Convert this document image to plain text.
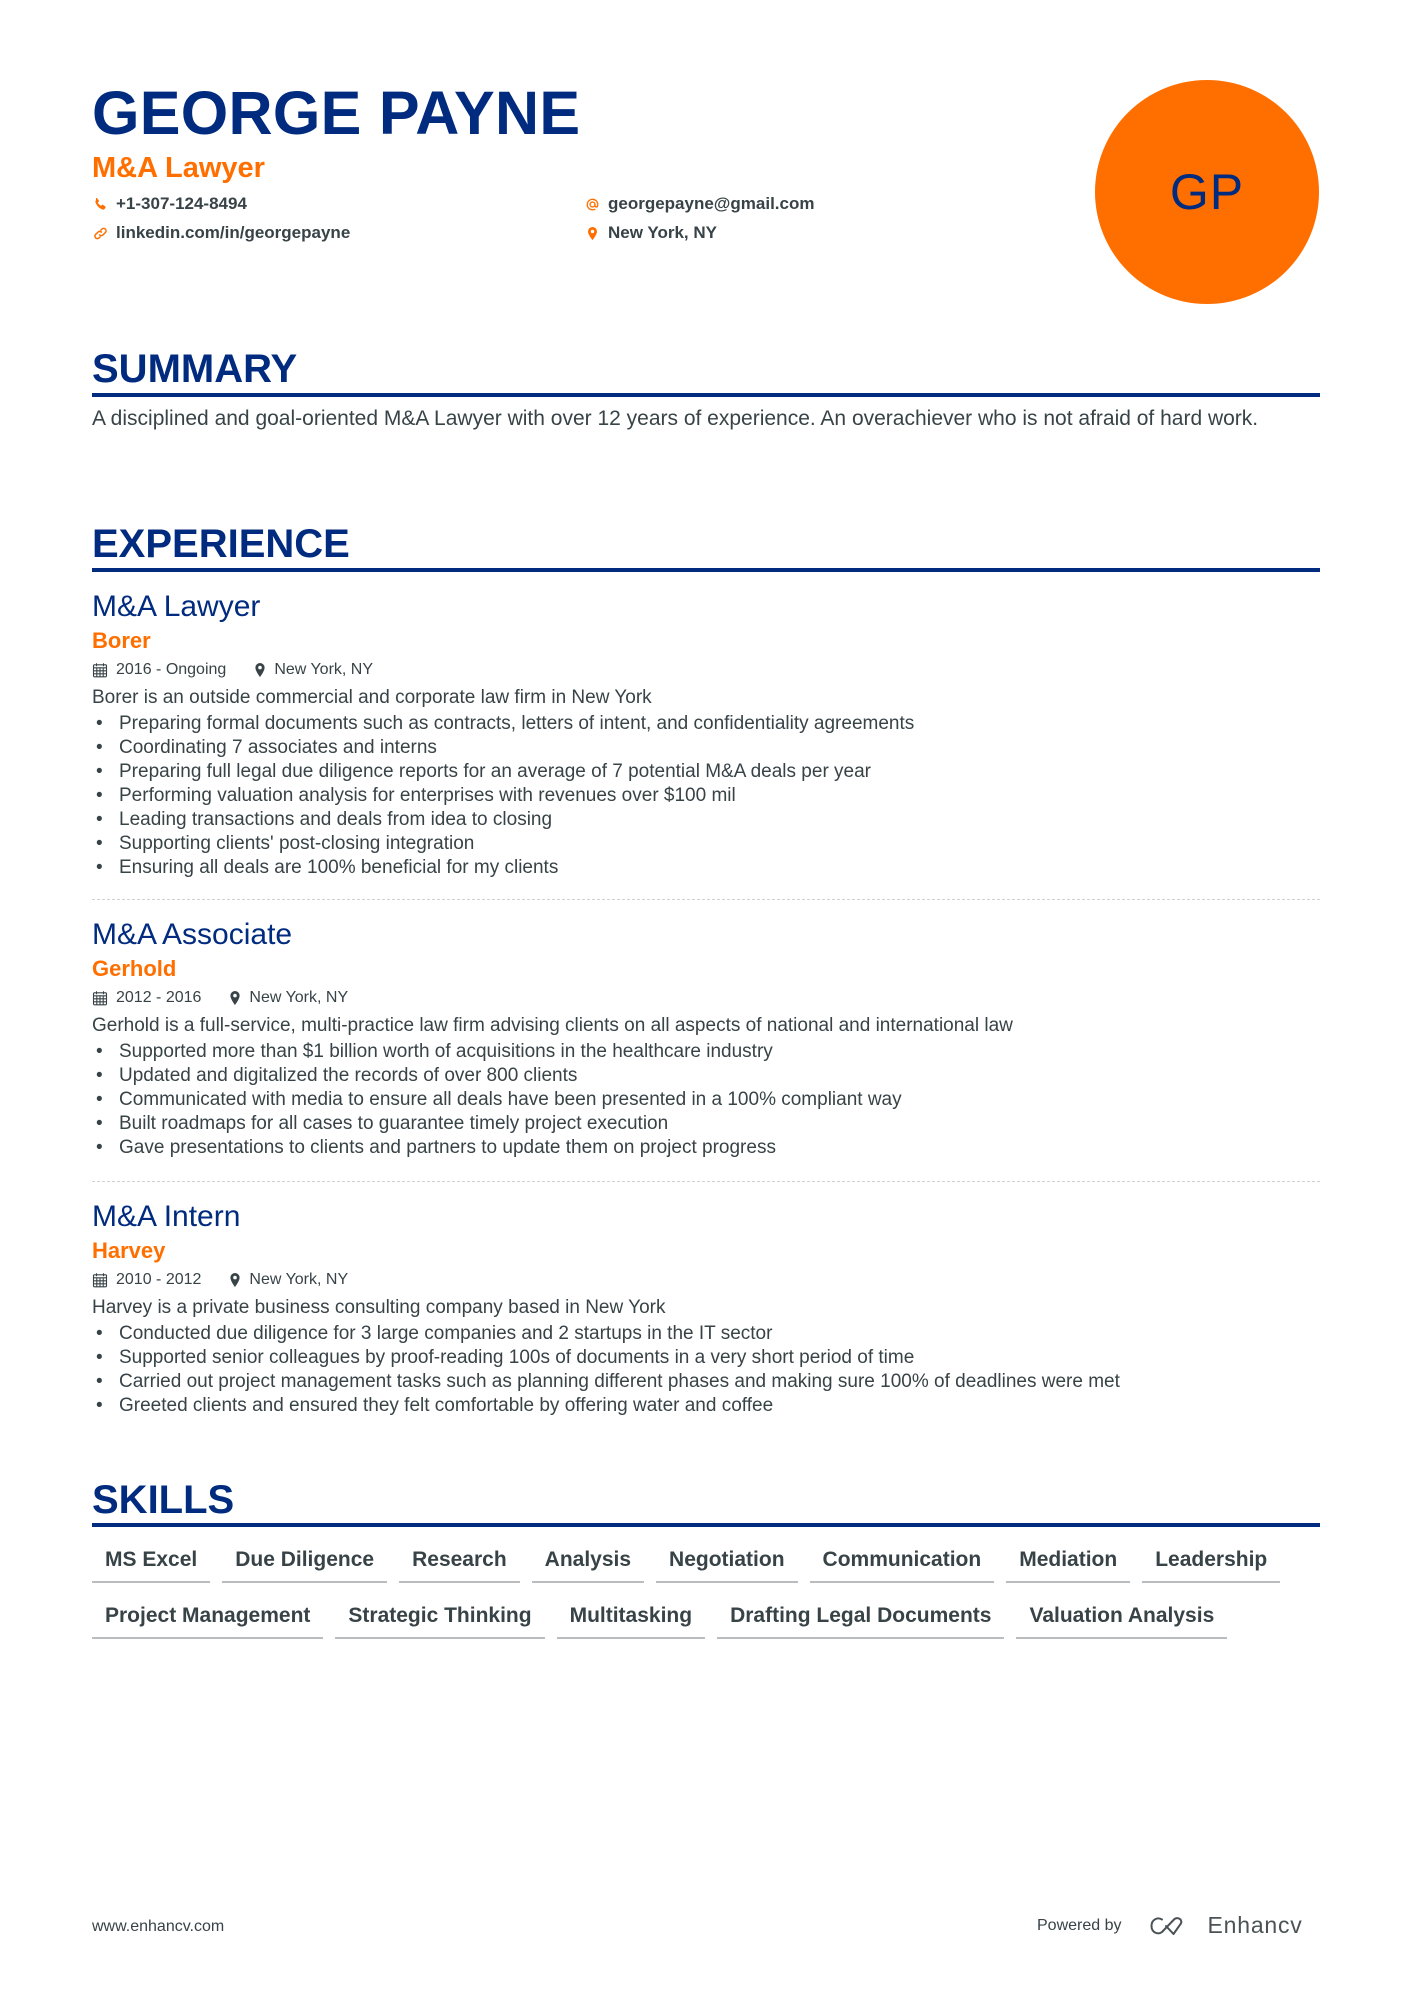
GEORGE PAYNE
M&A Lawyer
+1-307-124-8494
linkedin.com/in/georgepayne
georgepayne@gmail.com
New York, NY
GP
SUMMARY
A disciplined and goal-oriented M&A Lawyer with over 12 years of experience. An overachiever who is not afraid of hard work.
EXPERIENCE
M&A Lawyer
Borer
2016 - Ongoing	New York, NY
Borer is an outside commercial and corporate law firm in New York
• Preparing formal documents such as contracts, letters of intent, and confidentiality agreements
• Coordinating 7 associates and interns
• Preparing full legal due diligence reports for an average of 7 potential M&A deals per year
• Performing valuation analysis for enterprises with revenues over $100 mil
• Leading transactions and deals from idea to closing
• Supporting clients' post-closing integration
• Ensuring all deals are 100% beneficial for my clients
M&A Associate
Gerhold
2012 - 2016	New York, NY
Gerhold is a full-service, multi-practice law firm advising clients on all aspects of national and international law
• Supported more than $1 billion worth of acquisitions in the healthcare industry
• Updated and digitalized the records of over 800 clients
• Communicated with media to ensure all deals have been presented in a 100% compliant way
• Built roadmaps for all cases to guarantee timely project execution
• Gave presentations to clients and partners to update them on project progress
M&A Intern
Harvey
2010 - 2012	New York, NY
Harvey is a private business consulting company based in New York
• Conducted due diligence for 3 large companies and 2 startups in the IT sector
• Supported senior colleagues by proof-reading 100s of documents in a very short period of time
• Carried out project management tasks such as planning different phases and making sure 100% of deadlines were met
• Greeted clients and ensured they felt comfortable by offering water and coffee
SKILLS
MS Excel	Due Diligence	Research	Analysis	Negotiation	Communication	Mediation	Leadership
Project Management	Strategic Thinking	Multitasking	Drafting Legal Documents	Valuation Analysis
www.enhancv.com	Powered by	Enhancv
